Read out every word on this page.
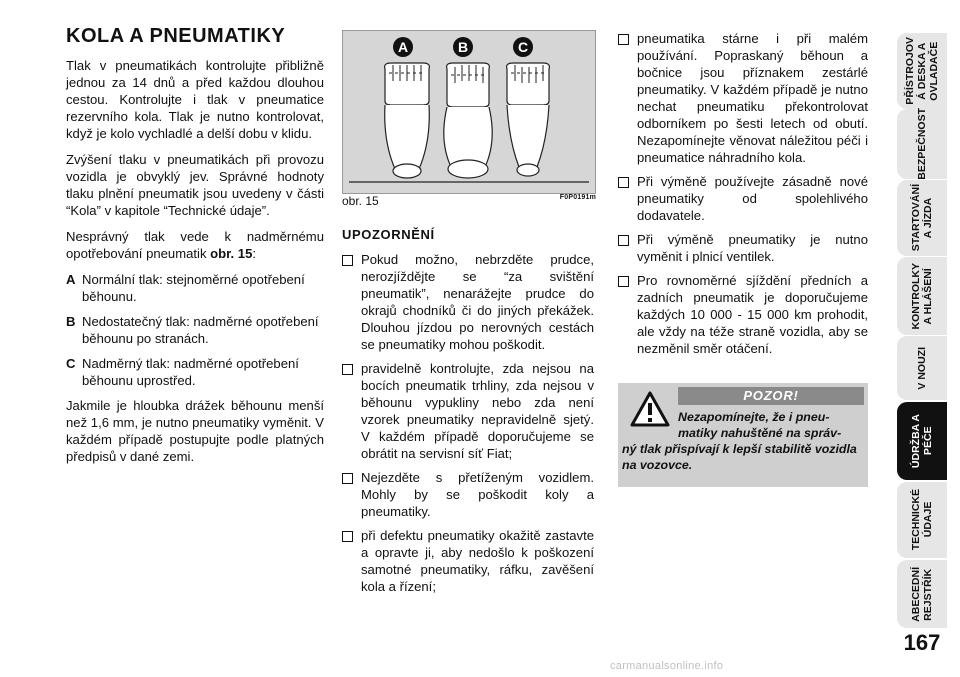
KOLA A PNEUMATIKY

Tlak v pneumatikách kontrolujte přibližně jednou za 14 dnů a před každou dlouhou cestou. Kontrolujte i tlak v pneumatice rezervního kola. Tlak je nutno kontrolovat, když je kolo vychladlé a delší dobu v klidu.

Zvýšení tlaku v pneumatikách při provozu vozidla je obvyklý jev. Správné hodnoty tlaku plnění pneumatik jsou uvedeny v části “Kola” v kapitole “Technické údaje”.

Nesprávný tlak vede k nadměrnému opotřebování pneumatik obr. 15:

A Normální tlak: stejnoměrné opotřebení běhounu.
B Nedostatečný tlak: nadměrné opotřebení běhounu po stranách.
C Nadměrný tlak: nadměrné opotřebení běhounu uprostřed.

Jakmile je hloubka drážek běhounu menší než 1,6 mm, je nutno pneumatiky vyměnit. V každém případě postupujte podle platných předpisů v dané zemi.

A	B	C
obr. 15	F0P0191m
UPOZORNĚNÍ
Pokud možno, nebrzděte prudce, nerozjíždějte se “za svištění pneumatik”, nenarážejte prudce do okrajů chodníků či do jiných překážek. Dlouhou jízdou po nerovných cestách se pneumatiky mohou poškodit.
pravidelně kontrolujte, zda nejsou na bocích pneumatik trhliny, zda nejsou v běhounu vypukliny nebo zda není vzorek pneumatiky nepravidelně sjetý. V každém případě doporučujeme se obrátit na servisní síť Fiat;
Nejezděte s přetíženým vozidlem. Mohly by se poškodit koly a pneumatiky.
při defektu pneumatiky okažitě zastavte a opravte ji, aby nedošlo k poškození samotné pneumatiky, ráfku, zavěšení kola a řízení;
pneumatika stárne i při malém používání. Popraskaný běhoun a bočnice jsou příznakem zestárlé pneumatiky. V každém případě je nutno nechat pneumatiku překontrolovat odborníkem po šesti letech od obutí. Nezapomínejte věnovat náležitou péči i pneumatice náhradního kola.
Při výměně používejte zásadně nové pneumatiky od spolehlivého dodavatele.
Při výměně pneumatiky je nutno vyměnit i plnicí ventilek.
Pro rovnoměrné sjíždění předních a zadních pneumatik je doporučujeme každých 10 000 - 15 000 km prohodit, ale vždy na téže straně vozidla, aby se nezměnil směr otáčení.
POZOR!
Nezapomínejte, že i pneu-
matiky nahuštěné na správ-
ný tlak přispívají k lepší stabilitě vozidla na vozovce.
PŘÍSTROJOV
Á DESKA A
OVLADAČE
BEZPEČNOST
STARTOVÁNÍ
A JÍZDA
KONTROLKY
A HLÁŠENÍ
V NOUZI
ÚDRŽBA A
PÉČE
TECHNICKÉ
ÚDAJE
ABECEDNÍ
REJSTŘÍK
167
carmanualsonline.info
